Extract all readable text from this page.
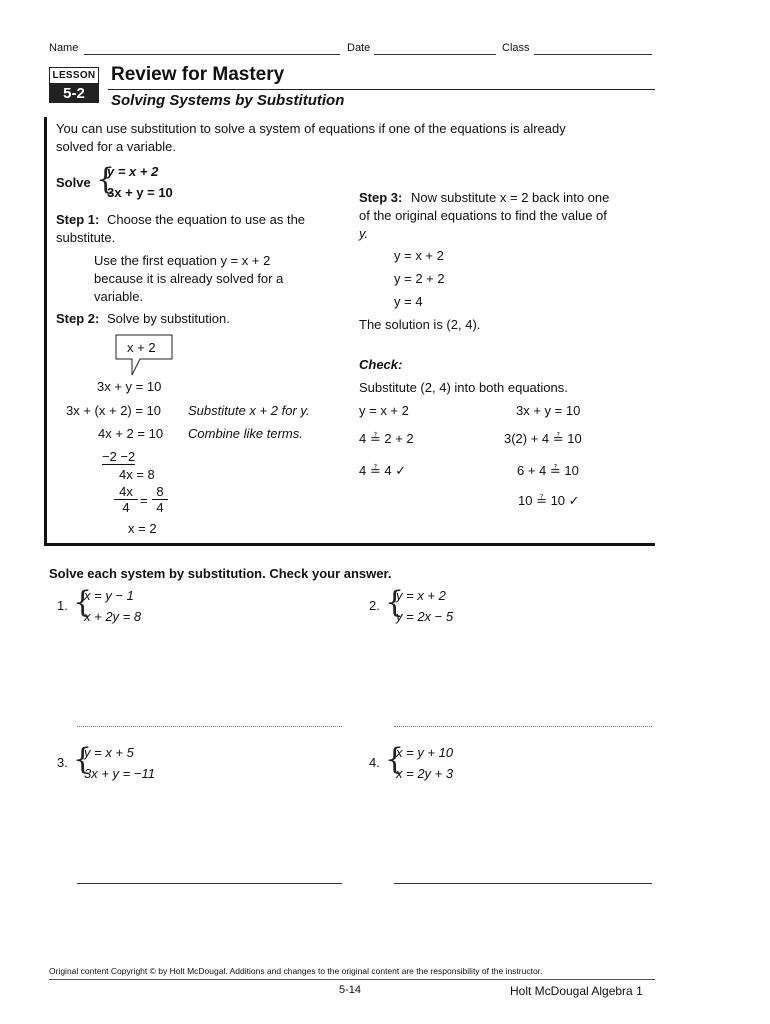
Name	Date	Class
LESSON
5-2
Review for Mastery
Solving Systems by Substitution
You can use substitution to solve a system of equations if one of the equations is already
solved for a variable.
Solve {
y = x + 2
3x + y = 10
Step 1: Choose the equation to use as the
substitute.
Use the first equation y = x + 2
because it is already solved for a
variable.
Step 2: Solve by substitution.
x + 2
3x + y = 10
3x + (x + 2) = 10 Substitute x + 2 for y.
4x + 2 = 10 Combine like terms.
−2 −2
4x = 8
$\frac{4x}{4} = \frac{8}{4}$
x = 2
Step 3: Now substitute x = 2 back into one
of the original equations to find the value of
y.
y = x + 2
y = 2 + 2
y = 4
The solution is (2, 4).
Check:
Substitute (2, 4) into both equations.
y = x + 2
4 ≟ 2 + 2
4 ≟ 4 ✓
3x + y = 10
3(2) + 4 ≟ 10
6 + 4 ≟ 10
10 ≟ 10 ✓
Solve each system by substitution. Check your answer.
1. {
x = y − 1
x + 2y = 8
2. {
y = x + 2
y = 2x − 5
3. {
y = x + 5
3x + y = −11
4. {
x = y + 10
x = 2y + 3
Original content Copyright © by Holt McDougal. Additions and changes to the original content are the responsibility of the instructor.
5-14	Holt McDougal Algebra 1
